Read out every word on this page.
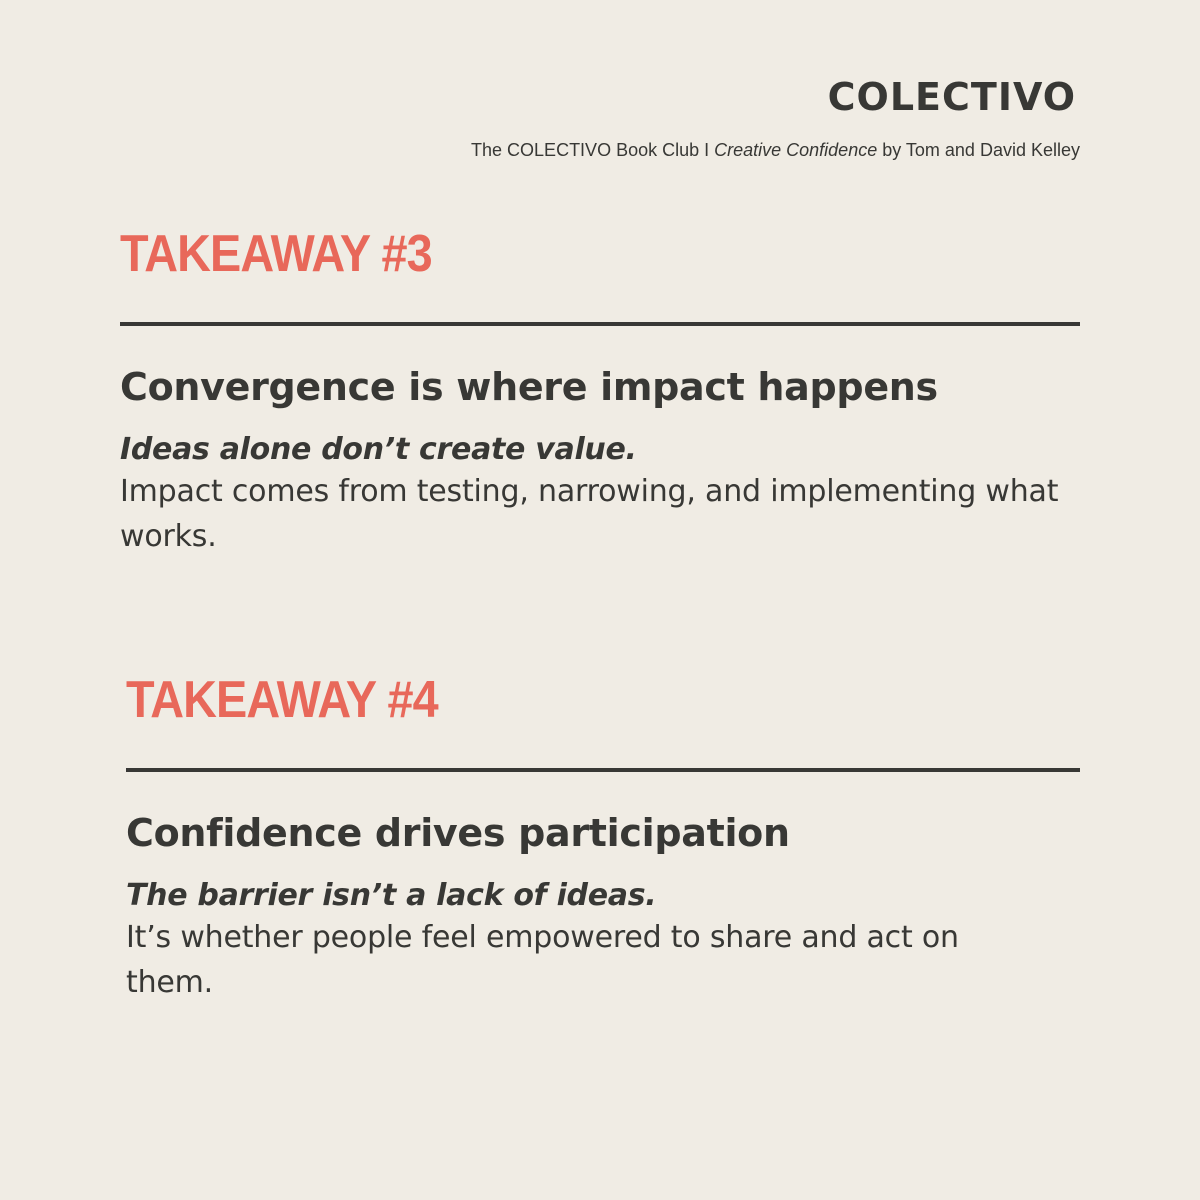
COLECTIVO
The COLECTIVO Book Club I Creative Confidence by Tom and David Kelley
TAKEAWAY #3
Convergence is where impact happens
Ideas alone don’t create value.
Impact comes from testing, narrowing, and implementing what works.
TAKEAWAY #4
Confidence drives participation
The barrier isn’t a lack of ideas.
It’s whether people feel empowered to share and act on them.
